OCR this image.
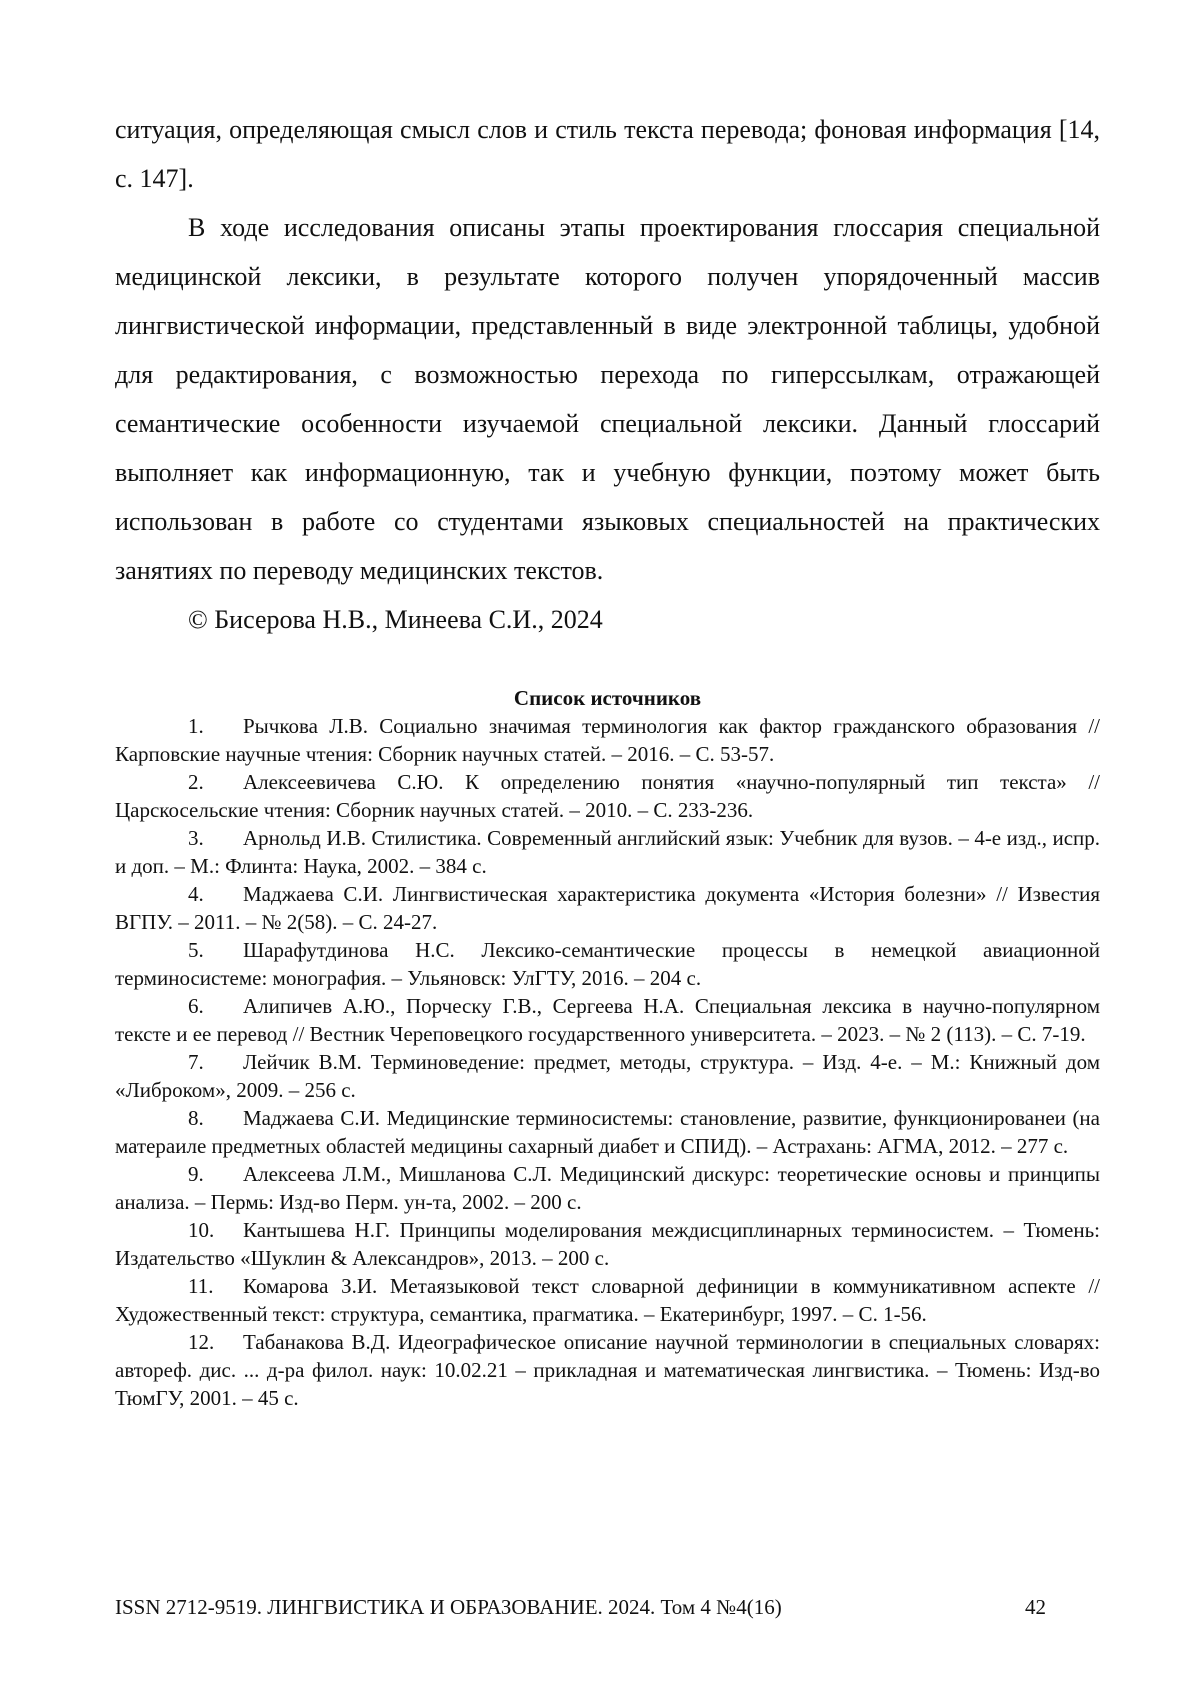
ситуация, определяющая смысл слов и стиль текста перевода; фоновая информация [14, с. 147].

В ходе исследования описаны этапы проектирования глоссария специальной медицинской лексики, в результате которого получен упорядоченный массив лингвистической информации, представленный в виде электронной таблицы, удобной для редактирования, с возможностью перехода по гиперссылкам, отражающей семантические особенности изучаемой специальной лексики. Данный глоссарий выполняет как информационную, так и учебную функции, поэтому может быть использован в работе со студентами языковых специальностей на практических занятиях по переводу медицинских текстов.

© Бисерова Н.В., Минеева С.И., 2024

Список источников
1. Рычкова Л.В. Социально значимая терминология как фактор гражданского образования // Карповские научные чтения: Сборник научных статей. – 2016. – С. 53-57.
2. Алексеевичева С.Ю. К определению понятия «научно-популярный тип текста» // Царскосельские чтения: Сборник научных статей. – 2010. – С. 233-236.
3. Арнольд И.В. Стилистика. Современный английский язык: Учебник для вузов. – 4-е изд., испр. и доп. – М.: Флинта: Наука, 2002. – 384 с.
4. Маджаева С.И. Лингвистическая характеристика документа «История болезни» // Известия ВГПУ. – 2011. – № 2(58). – С. 24-27.
5. Шарафутдинова Н.С. Лексико-семантические процессы в немецкой авиационной терминосистеме: монография. – Ульяновск: УлГТУ, 2016. – 204 с.
6. Алипичев А.Ю., Порческу Г.В., Сергеева Н.А. Специальная лексика в научно-популярном тексте и ее перевод // Вестник Череповецкого государственного университета. – 2023. – № 2 (113). – С. 7-19.
7. Лейчик В.М. Терминоведение: предмет, методы, структура. – Изд. 4-е. – М.: Книжный дом «Либроком», 2009. – 256 с.
8. Маджаева С.И. Медицинские терминосистемы: становление, развитие, функционированеи (на матераиле предметных областей медицины сахарный диабет и СПИД). – Астрахань: АГМА, 2012. – 277 с.
9. Алексеева Л.М., Мишланова С.Л. Медицинский дискурс: теоретические основы и принципы анализа. – Пермь: Изд-во Перм. ун-та, 2002. – 200 с.
10. Кантышева Н.Г. Принципы моделирования междисциплинарных терминосистем. – Тюмень: Издательство «Шуклин & Александров», 2013. – 200 с.
11. Комарова З.И. Метаязыковой текст словарной дефиниции в коммуникативном аспекте // Художественный текст: структура, семантика, прагматика. – Екатеринбург, 1997. – С. 1-56.
12. Табанакова В.Д. Идеографическое описание научной терминологии в специальных словарях: автореф. дис. ... д-ра филол. наук: 10.02.21 – прикладная и математическая лингвистика. – Тюмень: Изд-во ТюмГУ, 2001. – 45 с.
ISSN 2712-9519. ЛИНГВИСТИКА И ОБРАЗОВАНИЕ. 2024. Том 4 №4(16)	42
